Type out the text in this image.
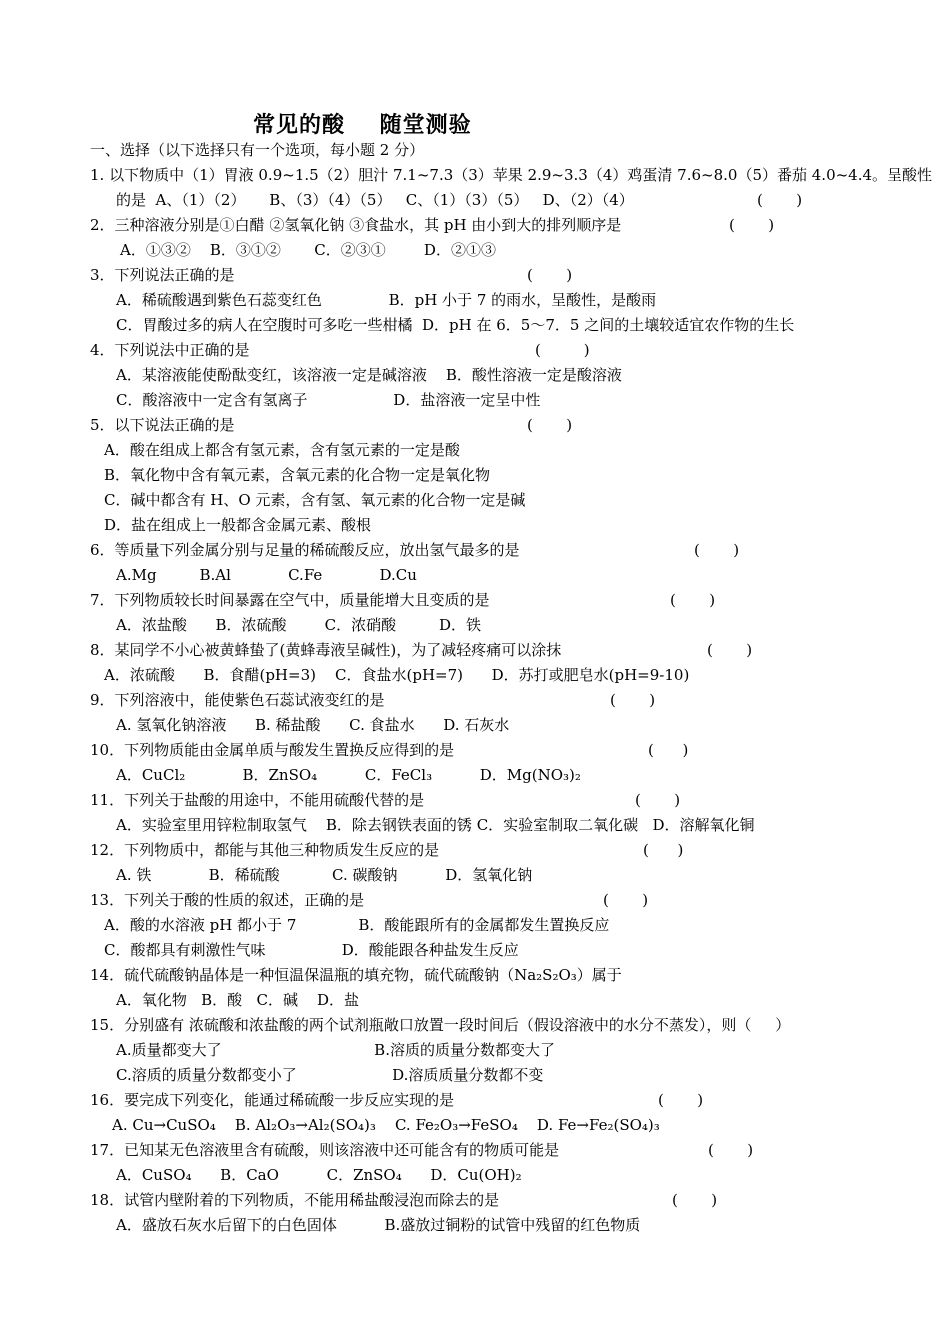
常见的酸    随堂测验
一、选择（以下选择只有一个选项，每小题 2 分）
1. 以下物质中（1）胃液 0.9~1.5（2）胆汁 7.1~7.3（3）苹果 2.9~3.3（4）鸡蛋清 7.6~8.0（5）番茄 4.0~4.4。呈酸性
的是  A、（1）（2）     B、（3）（4）（5）   C、（1）（3）（5）   D、（2）（4）	(       )
2．三种溶液分别是①白醋 ②氢氧化钠 ③食盐水，其 pH 由小到大的排列顺序是	(       )
A．①③②    B．③①②       C．②③①        D．②①③
3．下列说法正确的是	(       )
A．稀硫酸遇到紫色石蕊变红色              B．pH 小于 7 的雨水，呈酸性，是酸雨
C．胃酸过多的病人在空腹时可多吃一些柑橘  D．pH 在 6．5～7．5 之间的土壤较适宜农作物的生长
4．下列说法中正确的是	(         )
A．某溶液能使酚酞变红，该溶液一定是碱溶液    B．酸性溶液一定是酸溶液
C．酸溶液中一定含有氢离子                  D．盐溶液一定呈中性
5．以下说法正确的是	(       )
A．酸在组成上都含有氢元素，含有氢元素的一定是酸
B．氧化物中含有氧元素，含氧元素的化合物一定是氧化物
C．碱中都含有 H、O 元素，含有氢、氧元素的化合物一定是碱
D．盐在组成上一般都含金属元素、酸根
6．等质量下列金属分别与足量的稀硫酸反应，放出氢气最多的是	(       )
A.Mg         B.Al            C.Fe            D.Cu
7．下列物质较长时间暴露在空气中，质量能增大且变质的是	(       )
A．浓盐酸      B．浓硫酸        C．浓硝酸         D．铁
8．某同学不小心被黄蜂蛰了(黄蜂毒液呈碱性)，为了减轻疼痛可以涂抹	(       )
A．浓硫酸      B．食醋(pH=3)    C．食盐水(pH=7)      D．苏打或肥皂水(pH=9-10)
9．下列溶液中，能使紫色石蕊试液变红的是	(       )
A. 氢氧化钠溶液      B. 稀盐酸      C. 食盐水      D. 石灰水
10．下列物质能由金属单质与酸发生置换反应得到的是	(      )
A．CuCl₂            B．ZnSO₄          C．FeCl₃          D．Mg(NO₃)₂
11．下列关于盐酸的用途中，不能用硫酸代替的是	(       )
A．实验室里用锌粒制取氢气    B．除去钢铁表面的锈 C．实验室制取二氧化碳   D．溶解氧化铜
12．下列物质中，都能与其他三种物质发生反应的是	(      )
A. 铁            B．稀硫酸           C. 碳酸钠          D．氢氧化钠
13．下列关于酸的性质的叙述，正确的是	(       )
A．酸的水溶液 pH 都小于 7             B．酸能跟所有的金属都发生置换反应
C．酸都具有刺激性气味                D．酸能跟各种盐发生反应
14．硫代硫酸钠晶体是一种恒温保温瓶的填充物，硫代硫酸钠（Na₂S₂O₃）属于
A．氧化物   B．酸   C．碱    D．盐
15．分别盛有 浓硫酸和浓盐酸的两个试剂瓶敞口放置一段时间后（假设溶液中的水分不蒸发），则（     ）
A.质量都变大了                                B.溶质的质量分数都变大了
C.溶质的质量分数都变小了                    D.溶质质量分数都不变
16．要完成下列变化，能通过稀硫酸一步反应实现的是	(       )
A. Cu→CuSO₄    B. Al₂O₃→Al₂(SO₄)₃    C. Fe₂O₃→FeSO₄    D. Fe→Fe₂(SO₄)₃
17．已知某无色溶液里含有硫酸，则该溶液中还可能含有的物质可能是	(       )
A．CuSO₄      B．CaO          C．ZnSO₄      D．Cu(OH)₂
18．试管内壁附着的下列物质，不能用稀盐酸浸泡而除去的是	(       )
A．盛放石灰水后留下的白色固体          B.盛放过铜粉的试管中残留的红色物质
